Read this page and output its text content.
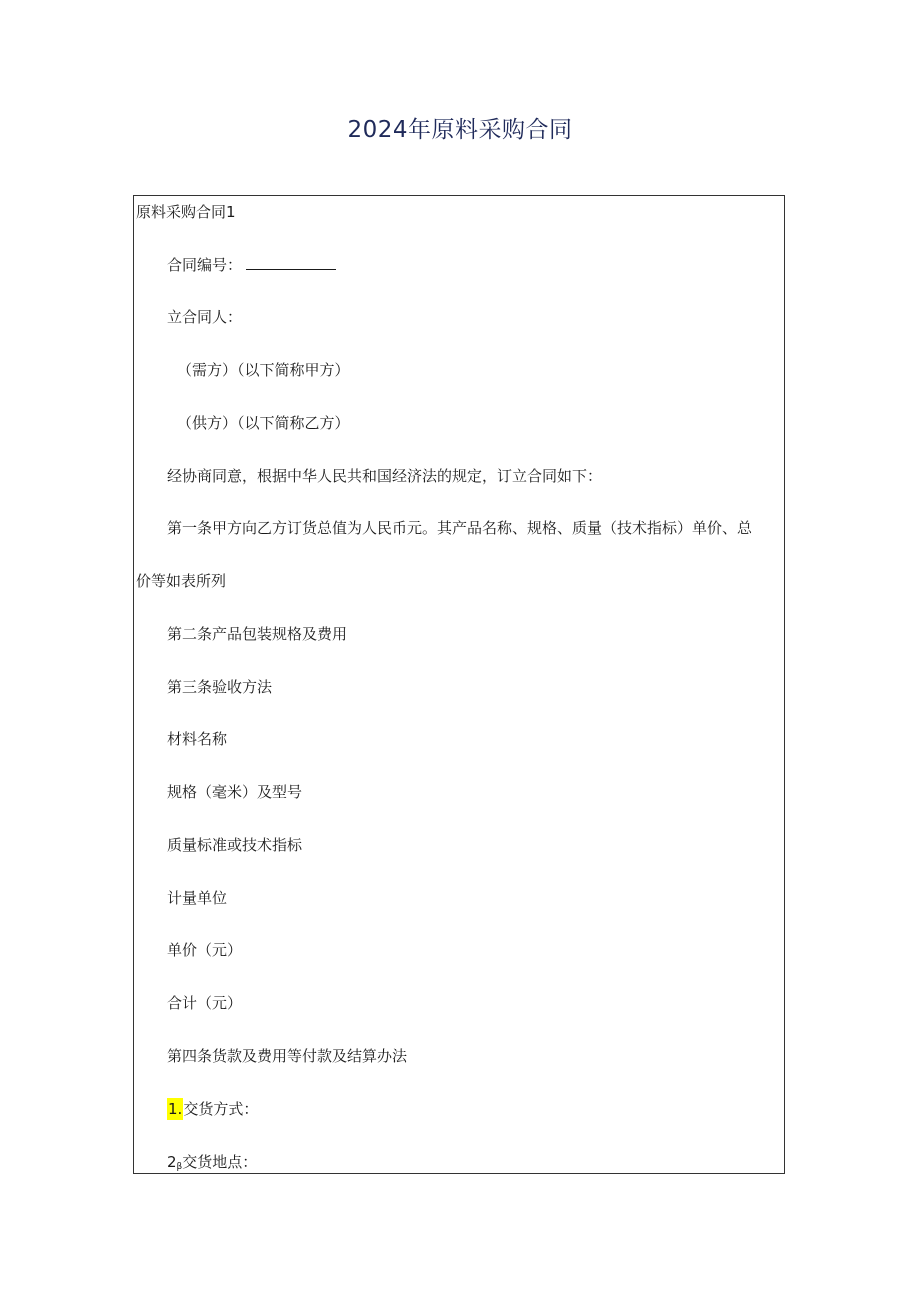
2024年原料采购合同
原料采购合同1
合同编号：
立合同人：
（需方）（以下简称甲方）
（供方）（以下简称乙方）
经协商同意，根据中华人民共和国经济法的规定，订立合同如下：
第一条甲方向乙方订货总值为人民币元。其产品名称、规格、质量（技术指标）单价、总
价等如表所列
第二条产品包装规格及费用
第三条验收方法
材料名称
规格（毫米）及型号
质量标准或技术指标
计量单位
单价（元）
合计（元）
第四条货款及费用等付款及结算办法
1.交货方式：
$2_\beta$交货地点：
